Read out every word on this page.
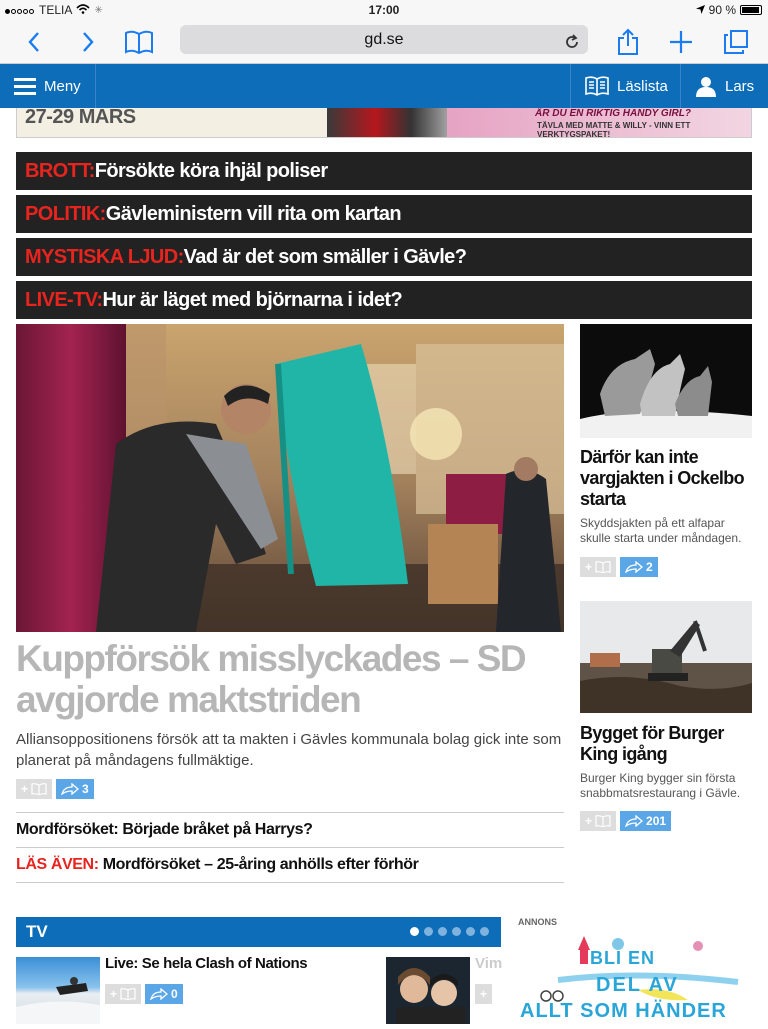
TELIA ✳	17:00	90 %
gd.se
Meny	Läslista	Lars
27-29 MARS	ÄR DU EN RIKTIG HANDY GIRL?
TÄVLA MED MATTE & WILLY - VINN ETT VERKTYGSPAKET!
BROTT:Försökte köra ihjäl poliser
POLITIK:Gävleministern vill rita om kartan
MYSTISKA LJUD:Vad är det som smäller i Gävle?
LIVE-TV:Hur är läget med björnarna i idet?
Kuppförsök misslyckades – SD avgjorde maktstriden
Alliansoppositionens försök att ta makten i Gävles kommunala bolag gick inte som planerat på måndagens fullmäktige.
+	3
Mordförsöket: Började bråket på Harrys?
LÄS ÄVEN: Mordförsöket – 25-åring anhölls efter förhör
Därför kan inte vargjakten i Ockelbo starta
Skyddsjakten på ett alfapar skulle starta under måndagen.
+	2
Bygget för Burger King igång
Burger King bygger sin första snabbmatsrestaurang i Gävle.
+	201
TV
Live: Se hela Clash of Nations
+	0
Vim
+
ANNONS
BLI EN
DEL AV
ALLT SOM HÄNDER
